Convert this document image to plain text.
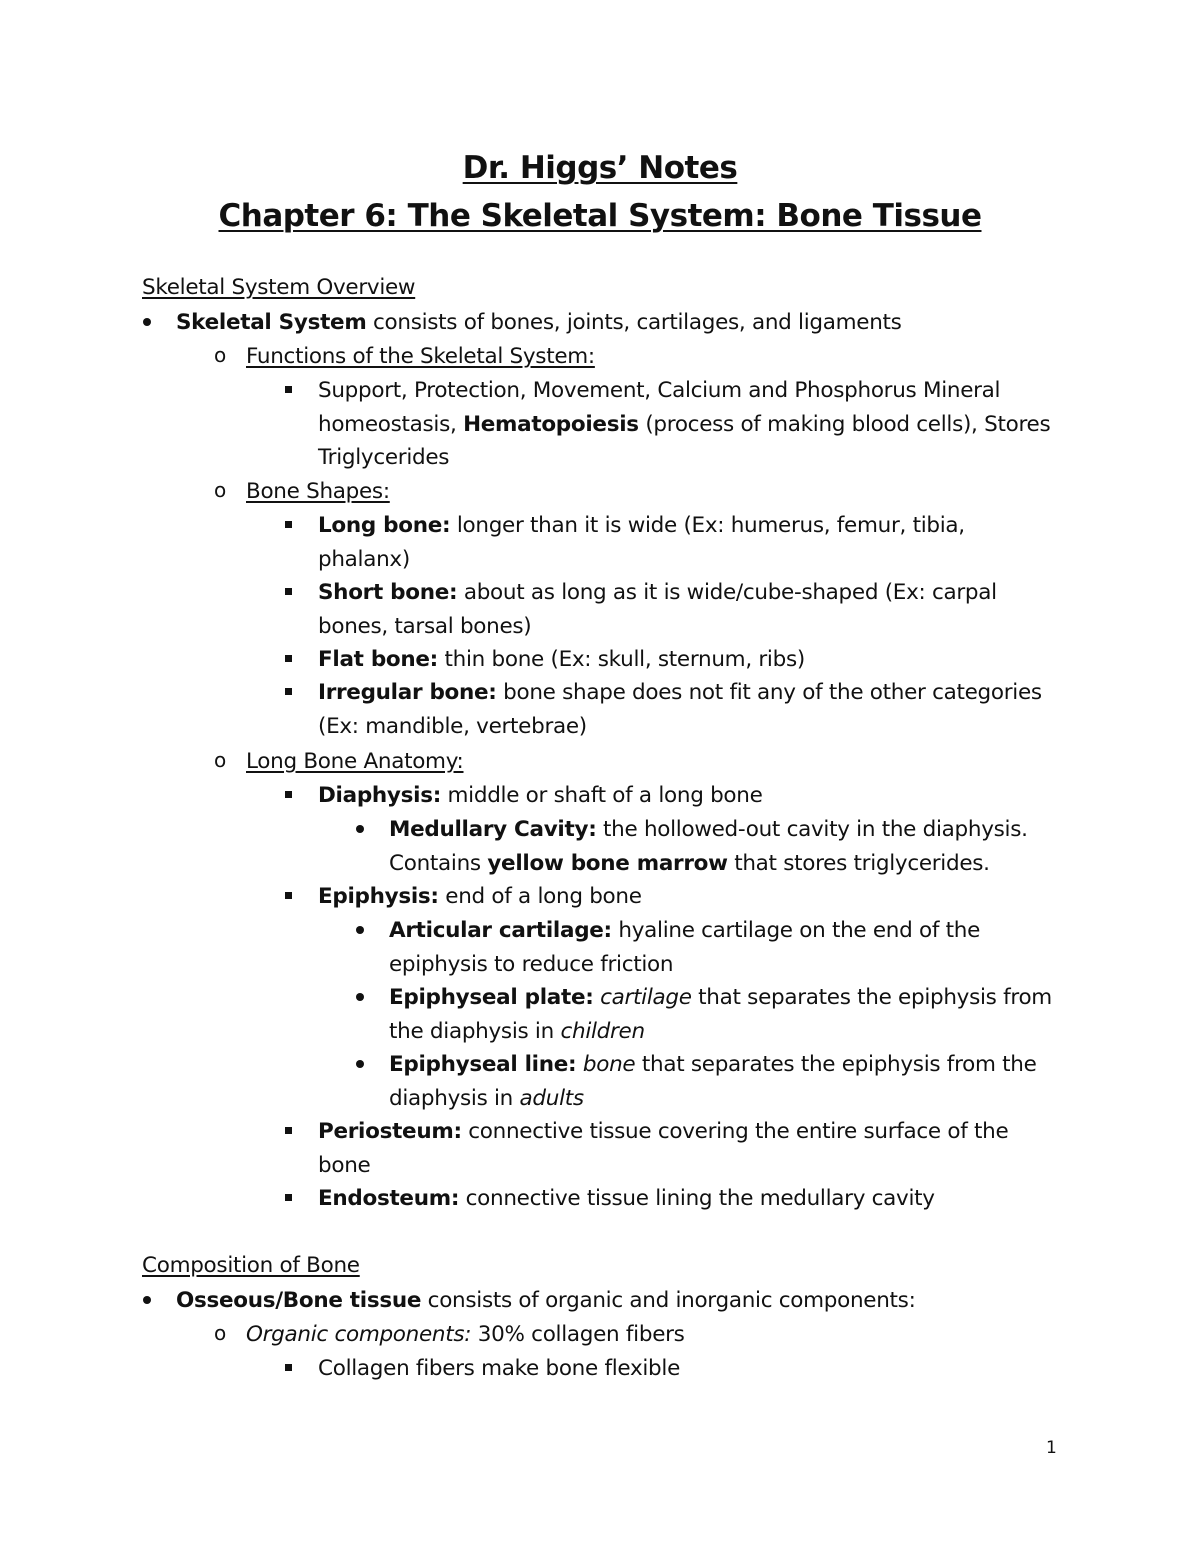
Dr. Higgs’ Notes
Chapter 6: The Skeletal System: Bone Tissue
Skeletal System Overview
Skeletal System consists of bones, joints, cartilages, and ligaments
o Functions of the Skeletal System:
Support, Protection, Movement, Calcium and Phosphorus Mineral homeostasis, Hematopoiesis (process of making blood cells), Stores Triglycerides
o Bone Shapes:
Long bone: longer than it is wide (Ex: humerus, femur, tibia, phalanx)
Short bone: about as long as it is wide/cube-shaped (Ex: carpal bones, tarsal bones)
Flat bone: thin bone (Ex: skull, sternum, ribs)
Irregular bone: bone shape does not fit any of the other categories (Ex: mandible, vertebrae)
o Long Bone Anatomy:
Diaphysis: middle or shaft of a long bone
Medullary Cavity: the hollowed-out cavity in the diaphysis. Contains yellow bone marrow that stores triglycerides.
Epiphysis: end of a long bone
Articular cartilage: hyaline cartilage on the end of the epiphysis to reduce friction
Epiphyseal plate: cartilage that separates the epiphysis from the diaphysis in children
Epiphyseal line: bone that separates the epiphysis from the diaphysis in adults
Periosteum: connective tissue covering the entire surface of the bone
Endosteum: connective tissue lining the medullary cavity
Composition of Bone
Osseous/Bone tissue consists of organic and inorganic components:
o Organic components: 30% collagen fibers
Collagen fibers make bone flexible
1
